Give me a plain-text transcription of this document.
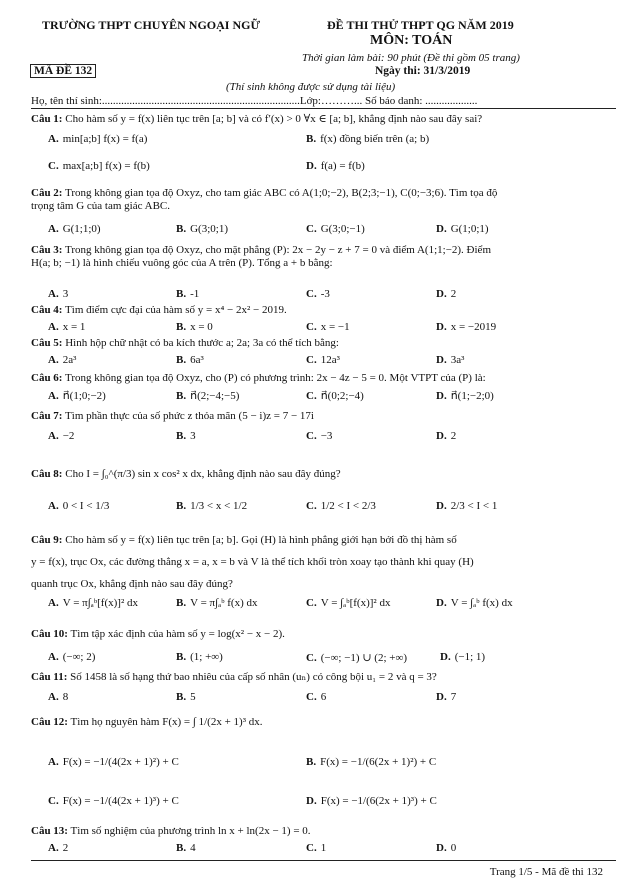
TRƯỜNG THPT CHUYÊN NGOẠI NGỮ	ĐỀ THI THỬ THPT QG NĂM 2019
MÔN: TOÁN
Thời gian làm bài: 90 phút (Đề thi gồm 05 trang)
Ngày thi: 31/3/2019
MÃ ĐỀ 132
(Thí sinh không được sử dụng tài liệu)
Họ, tên thí sinh:........................................................................Lớp:………... Số báo danh: ...................
Câu 1: Cho hàm số y = f(x) liên tục trên [a; b] và có f′(x) > 0 ∀x ∈ [a; b], khẳng định nào sau đây sai?
A. min[a;b] f(x) = f(a)	B. f(x) đồng biến trên (a; b)
C. max[a;b] f(x) = f(b)	D. f(a) = f(b)
Câu 2: Trong không gian tọa độ Oxyz, cho tam giác ABC có A(1;0;−2), B(2;3;−1), C(0;−3;6). Tìm tọa độ
trọng tâm G của tam giác ABC.
A. G(1;1;0)	B. G(3;0;1)	C. G(3;0;−1)	D. G(1;0;1)
Câu 3: Trong không gian tọa độ Oxyz, cho mặt phẳng (P): 2x − 2y − z + 7 = 0 và điểm A(1;1;−2). Điểm
H(a; b; −1) là hình chiếu vuông góc của A trên (P). Tổng a + b bằng:
A. 3	B. -1	C. -3	D. 2
Câu 4: Tìm điểm cực đại của hàm số y = x⁴ − 2x² − 2019.
A. x = 1	B. x = 0	C. x = −1	D. x = −2019
Câu 5: Hình hộp chữ nhật có ba kích thước a; 2a; 3a có thể tích bằng:
A. 2a³	B. 6a³	C. 12a³	D. 3a³
Câu 6: Trong không gian tọa độ Oxyz, cho (P) có phương trình: 2x − 4z − 5 = 0. Một VTPT của (P) là:
A. n⃗(1;0;−2)	B. n⃗(2;−4;−5)	C. n⃗(0;2;−4)	D. n⃗(1;−2;0)
Câu 7: Tìm phần thực của số phức z thỏa mãn (5 − i)z = 7 − 17i
A. −2	B. 3	C. −3	D. 2
Câu 8: Cho I = ∫₀^(π/3) sin x cos² x dx, khẳng định nào sau đây đúng?
A. 0 < I < 1/3	B. 1/3 < x < 1/2	C. 1/2 < I < 2/3	D. 2/3 < I < 1
Câu 9: Cho hàm số y = f(x) liên tục trên [a; b]. Gọi (H) là hình phẳng giới hạn bởi đồ thị hàm số
y = f(x), trục Ox, các đường thẳng x = a, x = b và V là thể tích khối tròn xoay tạo thành khi quay (H)
quanh trục Ox, khẳng định nào sau đây đúng?
A. V = π∫ₐᵇ[f(x)]² dx	B. V = π∫ₐᵇ f(x) dx	C. V = ∫ₐᵇ[f(x)]² dx	D. V = ∫ₐᵇ f(x) dx
Câu 10: Tìm tập xác định của hàm số y = log(x² − x − 2).
A. (−∞; 2)	B. (1; +∞)	C. (−∞; −1) ∪ (2; +∞)	D. (−1; 1)
Câu 11: Số 1458 là số hạng thứ bao nhiêu của cấp số nhân (uₙ) có công bội u₁ = 2 và q = 3?
A. 8	B. 5	C. 6	D. 7
Câu 12: Tìm họ nguyên hàm F(x) = ∫ 1/(2x + 1)³ dx.
A. F(x) = −1/(4(2x + 1)²) + C	B. F(x) = −1/(6(2x + 1)²) + C
C. F(x) = −1/(4(2x + 1)³) + C	D. F(x) = −1/(6(2x + 1)³) + C
Câu 13: Tìm số nghiệm của phương trình ln x + ln(2x − 1) = 0.
A. 2	B. 4	C. 1	D. 0
Trang 1/5 - Mã đề thi 132
